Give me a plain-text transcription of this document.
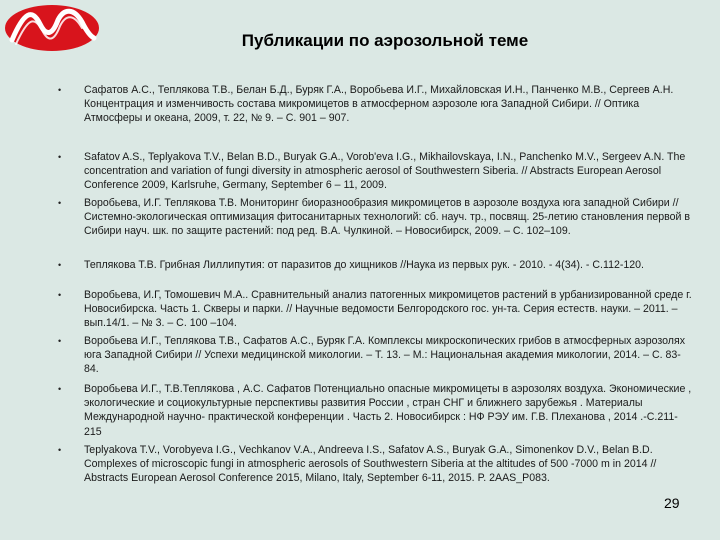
Публикации по аэрозольной теме
• Сафатов А.С., Теплякова Т.В., Белан Б.Д., Буряк Г.А., Воробьева И.Г., Михайловская И.Н., Панченко М.В., Сергеев А.Н. Концентрация и изменчивость состава микромицетов в атмосферном аэрозоле юга Западной Сибири. // Оптика Атмосферы и океана, 2009, т. 22, № 9. – С. 901 – 907.
• Safatov A.S., Teplyakova T.V., Belan B.D., Buryak G.A., Vorob'eva I.G., Mikhailovskaya, I.N., Panchenko M.V., Sergeev A.N. The concentration and variation of fungi diversity in atmospheric aerosol of Southwestern Siberia. // Abstracts European Aerosol Conference 2009, Karlsruhe, Germany, September 6 – 11, 2009.
• Воробьева, И.Г. Теплякова Т.В. Мониторинг биоразнообразия микромицетов в аэрозоле воздуха юга западной Сибири // Системно-экологическая оптимизация фитосанитарных технологий: сб. науч. тр., посвящ. 25-летию становления первой в Сибири науч. шк. по защите растений: под ред. В.А. Чулкиной. – Новосибирск, 2009. – С. 102–109.
• Теплякова Т.В. Грибная Лиллипутия: от паразитов до хищников //Наука из первых рук. - 2010. - 4(34). - С.112-120.
• Воробьева, И.Г, Томошевич М.А.. Сравнительный анализ патогенных микромицетов растений в урбанизированной среде г. Новосибирска. Часть 1. Скверы и парки. // Научные ведомости Белгородского гос. ун-та. Серия естеств. науки. – 2011. – вып.14/1. – № 3. – С. 100 –104.
• Воробьева И.Г., Теплякова Т.В., Сафатов А.С., Буряк Г.А. Комплексы микроскопических грибов в атмосферных аэрозолях юга Западной Сибири // Успехи медицинской микологии. – Т. 13. – М.: Национальная академия микологии, 2014. – С. 83-84.
• Воробьева И.Г., Т.В.Теплякова , А.С. Сафатов Потенциально опасные микромицеты в аэрозолях воздуха. Экономические , экологические и социокультурные перспективы развития России , стран СНГ и ближнего зарубежья . Материалы Международной научно- практической конференции . Часть 2. Новосибирск : НФ РЭУ им. Г.В. Плеханова , 2014 .-С.211-215
• Teplyakova T.V., Vorobyeva I.G., Vechkanov V.A., Andreeva I.S., Safatov A.S., Buryak G.A., Simonenkov D.V., Belan B.D. Complexes of microscopic fungi in atmospheric aerosols of Southwestern Siberia at the altitudes of 500 -7000 m in 2014 // Abstracts European Aerosol Conference 2015, Milano, Italy, September 6-11, 2015. P. 2AAS_P083.
29
